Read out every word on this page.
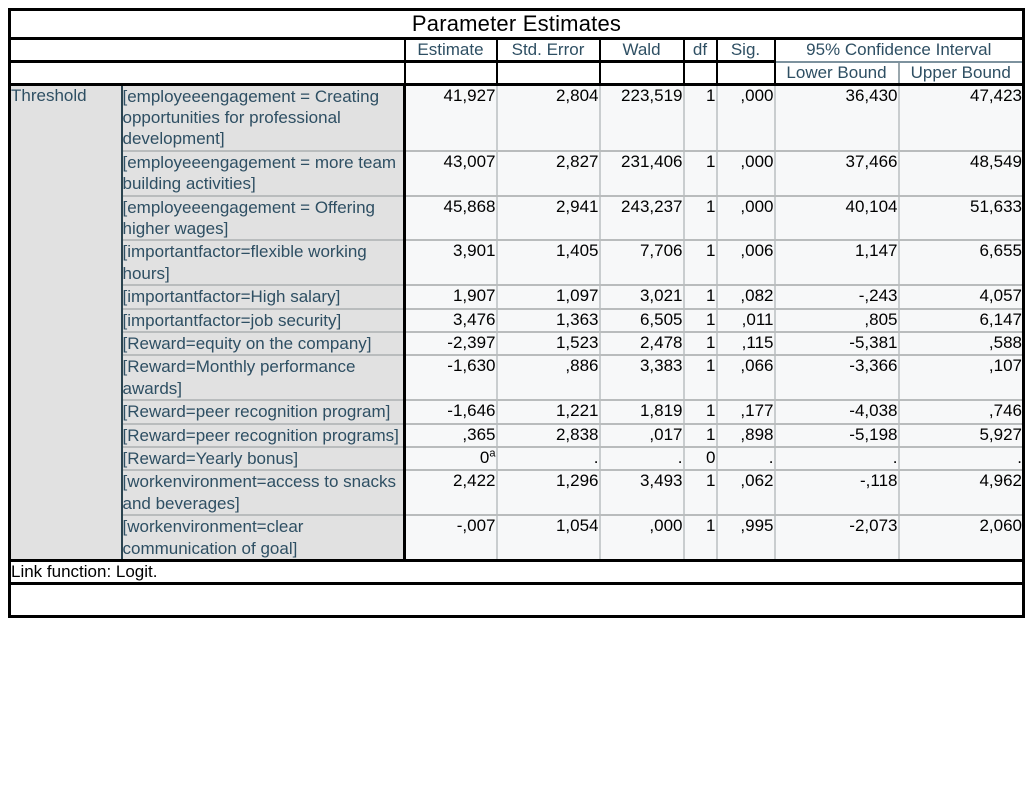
Parameter Estimates								
		Estimate	Std. Error	Wald	df	Sig.	95% Confidence Interval	
							Lower Bound	Upper Bound
Threshold	[employeeengagement = Creating opportunities for professional development]	41,927	2,804	223,519	1	,000	36,430	47,423
	[employeeengagement = more team building activities]	43,007	2,827	231,406	1	,000	37,466	48,549
	[employeeengagement = Offering higher wages]	45,868	2,941	243,237	1	,000	40,104	51,633
	[importantfactor=flexible working hours]	3,901	1,405	7,706	1	,006	1,147	6,655
	[importantfactor=High salary]	1,907	1,097	3,021	1	,082	-,243	4,057
	[importantfactor=job security]	3,476	1,363	6,505	1	,011	,805	6,147
	[Reward=equity on the company]	-2,397	1,523	2,478	1	,115	-5,381	,588
	[Reward=Monthly performance awards]	-1,630	,886	3,383	1	,066	-3,366	,107
	[Reward=peer recognition program]	-1,646	1,221	1,819	1	,177	-4,038	,746
	[Reward=peer recognition programs]	,365	2,838	,017	1	,898	-5,198	5,927
	[Reward=Yearly bonus]	0$^a$	.	.	0	.	.	.
	[workenvironment=access to snacks and beverages]	2,422	1,296	3,493	1	,062	-,118	4,962
	[workenvironment=clear communication of goal]	-,007	1,054	,000	1	,995	-2,073	2,060
Link function: Logit.								
